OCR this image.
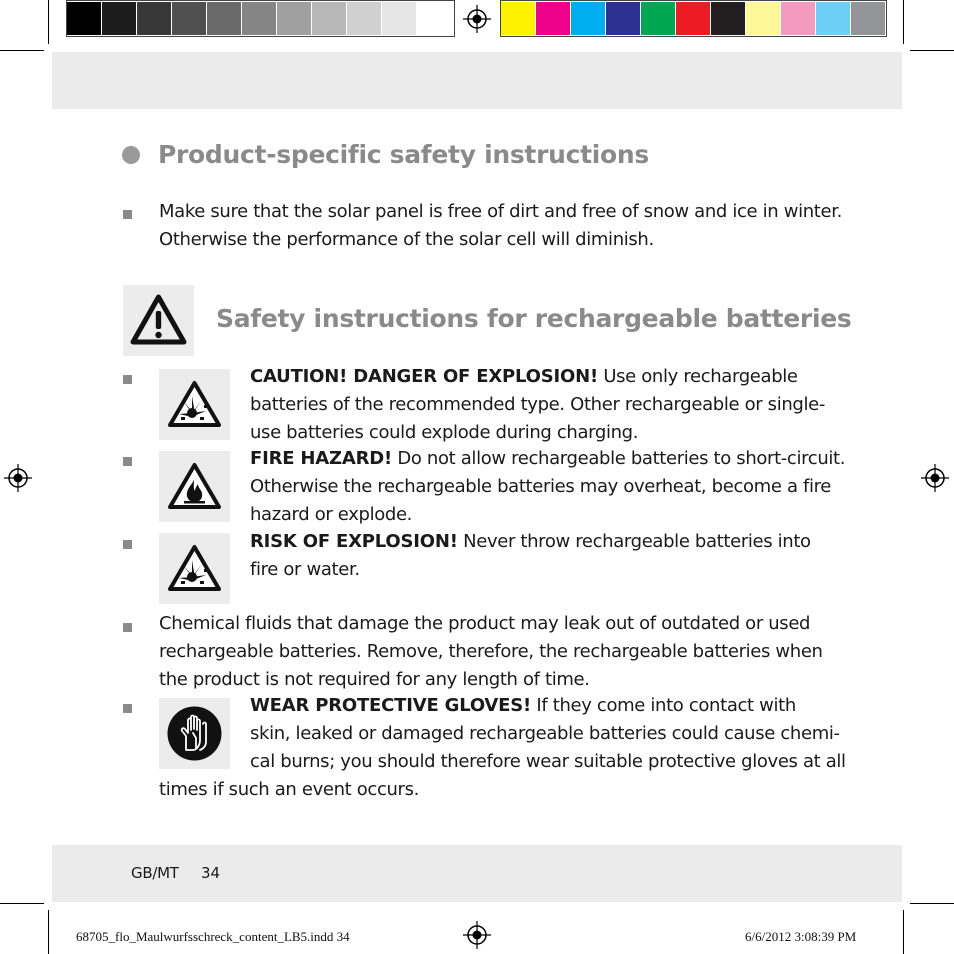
Product-specific safety instructions
Make sure that the solar panel is free of dirt and free of snow and ice in winter.
Otherwise the performance of the solar cell will diminish.
Safety instructions for rechargeable batteries
CAUTION! DANGER OF EXPLOSION! Use only rechargeable
batteries of the recommended type. Other rechargeable or single-
use batteries could explode during charging.
FIRE HAZARD! Do not allow rechargeable batteries to short-circuit.
Otherwise the rechargeable batteries may overheat, become a fire
hazard or explode.
RISK OF EXPLOSION! Never throw rechargeable batteries into
fire or water.
Chemical fluids that damage the product may leak out of outdated or used
rechargeable batteries. Remove, therefore, the rechargeable batteries when
the product is not required for any length of time.
WEAR PROTECTIVE GLOVES! If they come into contact with
skin, leaked or damaged rechargeable batteries could cause chemi-
cal burns; you should therefore wear suitable protective gloves at all
times if such an event occurs.
GB/MT 34
68705_flo_Maulwurfsschreck_content_LB5.indd 34	6/6/2012 3:08:39 PM
